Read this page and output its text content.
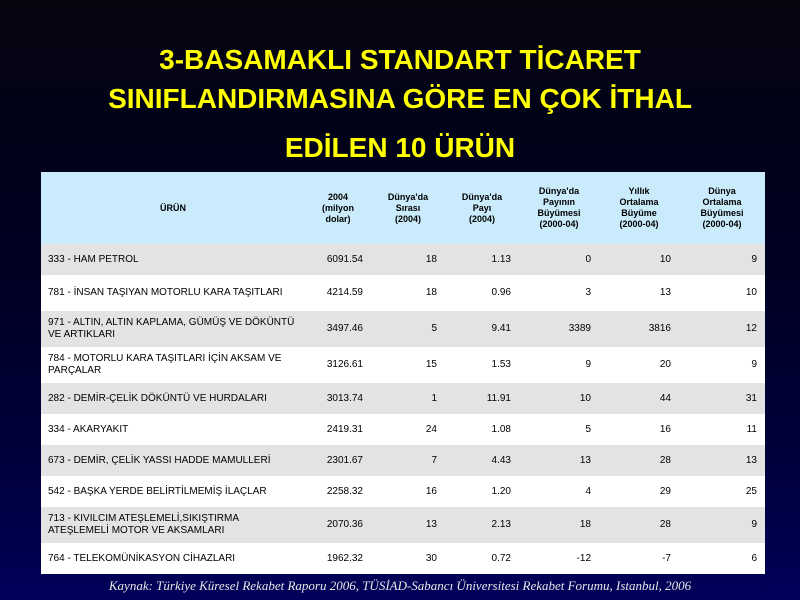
3-BASAMAKLI STANDART TİCARET
SINIFLANDIRMASINA GÖRE EN ÇOK İTHAL
EDİLEN 10 ÜRÜN
ÜRÜN	2004
(milyon
dolar)	Dünya'da
Sırası
(2004)	Dünya'da
Payı
(2004)	Dünya'da
Payının
Büyümesi
(2000-04)	Yıllık
Ortalama
Büyüme
(2000-04)	Dünya
Ortalama
Büyümesi
(2000-04)
333 - HAM PETROL	6091.54	18	1.13	0	10	9
781 - İNSAN TAŞIYAN MOTORLU KARA TAŞITLARI	4214.59	18	0.96	3	13	10
971 - ALTIN, ALTIN KAPLAMA, GÜMÜŞ VE DÖKÜNTÜ VE ARTIKLARI	3497.46	5	9.41	3389	3816	12
784 - MOTORLU KARA TAŞITLARI İÇİN AKSAM VE PARÇALAR	3126.61	15	1.53	9	20	9
282 - DEMİR-ÇELİK DÖKÜNTÜ VE HURDALARI	3013.74	1	11.91	10	44	31
334 - AKARYAKIT	2419.31	24	1.08	5	16	11
673 - DEMİR, ÇELİK YASSI HADDE MAMULLERİ	2301.67	7	4.43	13	28	13
542 - BAŞKA YERDE BELİRTİLMEMİŞ İLAÇLAR	2258.32	16	1.20	4	29	25
713 - KIVILCIM ATEŞLEMELİ,SIKIŞTIRMA ATEŞLEMELİ MOTOR VE AKSAMLARI	2070.36	13	2.13	18	28	9
764 - TELEKOMÜNİKASYON CİHAZLARI	1962.32	30	0.72	-12	-7	6
Kaynak: Türkiye Küresel Rekabet Raporu 2006, TÜSİAD-Sabancı Üniversitesi Rekabet Forumu, Istanbul, 2006
